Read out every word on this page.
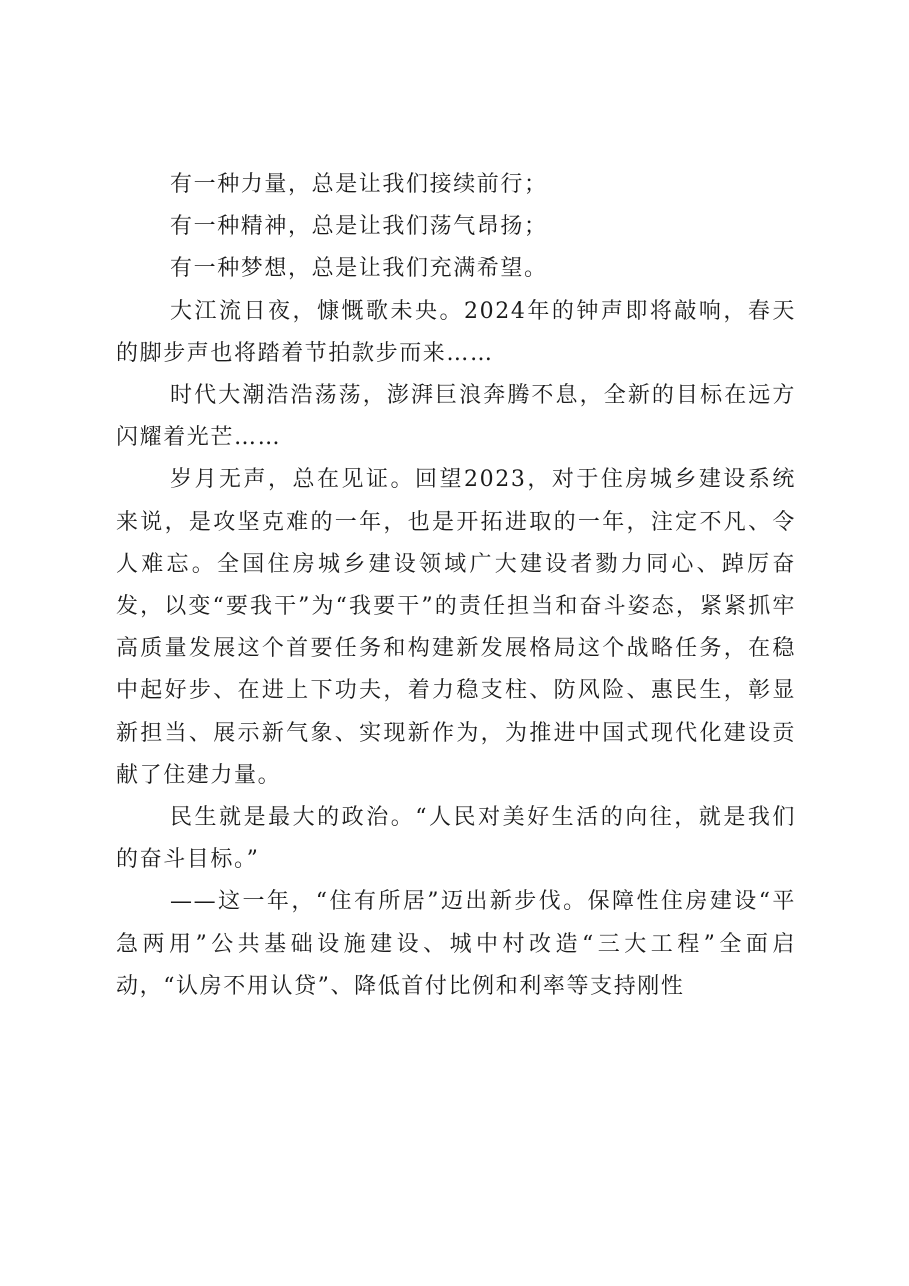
有一种力量，总是让我们接续前行；

有一种精神，总是让我们荡气昂扬；

有一种梦想，总是让我们充满希望。

大江流日夜，慷慨歌未央。2024年的钟声即将敲响，春天的脚步声也将踏着节拍款步而来……

时代大潮浩浩荡荡，澎湃巨浪奔腾不息，全新的目标在远方闪耀着光芒……

岁月无声，总在见证。回望2023，对于住房城乡建设系统来说，是攻坚克难的一年，也是开拓进取的一年，注定不凡、令人难忘。全国住房城乡建设领域广大建设者勠力同心、踔厉奋发，以变“要我干”为“我要干”的责任担当和奋斗姿态，紧紧抓牢高质量发展这个首要任务和构建新发展格局这个战略任务，在稳中起好步、在进上下功夫，着力稳支柱、防风险、惠民生，彰显新担当、展示新气象、实现新作为，为推进中国式现代化建设贡献了住建力量。

民生就是最大的政治。“人民对美好生活的向往，就是我们的奋斗目标。”

——这一年，“住有所居”迈出新步伐。保障性住房建设“平急两用”公共基础设施建设、城中村改造“三大工程”全面启动，“认房不用认贷”、降低首付比例和利率等支持刚性
